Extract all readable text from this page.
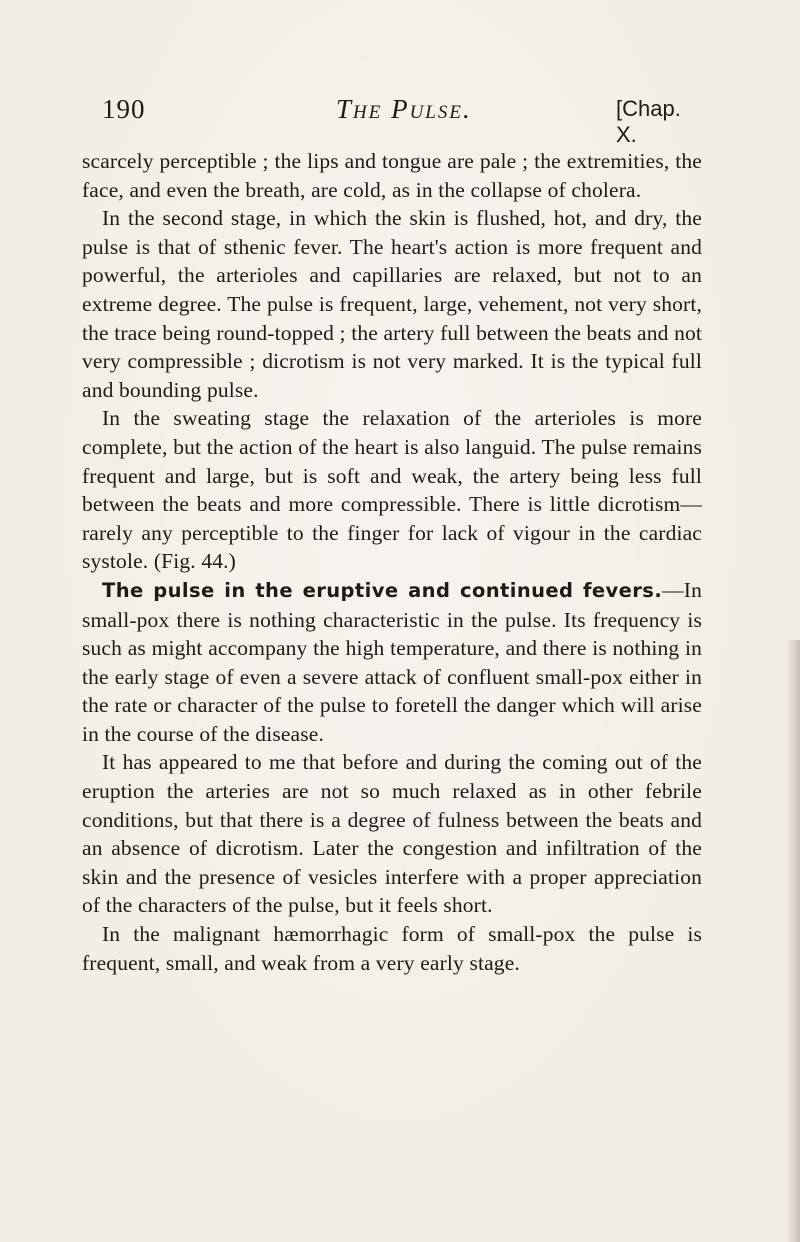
190	The Pulse.	[Chap. X.

scarcely perceptible ; the lips and tongue are pale ; the extremities, the face, and even the breath, are cold, as in the collapse of cholera.

In the second stage, in which the skin is flushed, hot, and dry, the pulse is that of sthenic fever. The heart's action is more frequent and powerful, the arterioles and capillaries are relaxed, but not to an extreme degree. The pulse is frequent, large, vehement, not very short, the trace being round-topped ; the artery full between the beats and not very compressible ; dicrotism is not very marked. It is the typical full and bounding pulse.

In the sweating stage the relaxation of the arterioles is more complete, but the action of the heart is also languid. The pulse remains frequent and large, but is soft and weak, the artery being less full between the beats and more compressible. There is little dicrotism—rarely any perceptible to the finger for lack of vigour in the cardiac systole. (Fig. 44.)

The pulse in the eruptive and continued fevers.—In small-pox there is nothing characteristic in the pulse. Its frequency is such as might accompany the high temperature, and there is nothing in the early stage of even a severe attack of confluent small-pox either in the rate or character of the pulse to foretell the danger which will arise in the course of the disease.

It has appeared to me that before and during the coming out of the eruption the arteries are not so much relaxed as in other febrile conditions, but that there is a degree of fulness between the beats and an absence of dicrotism. Later the congestion and infiltration of the skin and the presence of vesicles interfere with a proper appreciation of the characters of the pulse, but it feels short.

In the malignant hæmorrhagic form of small-pox the pulse is frequent, small, and weak from a very early stage.
